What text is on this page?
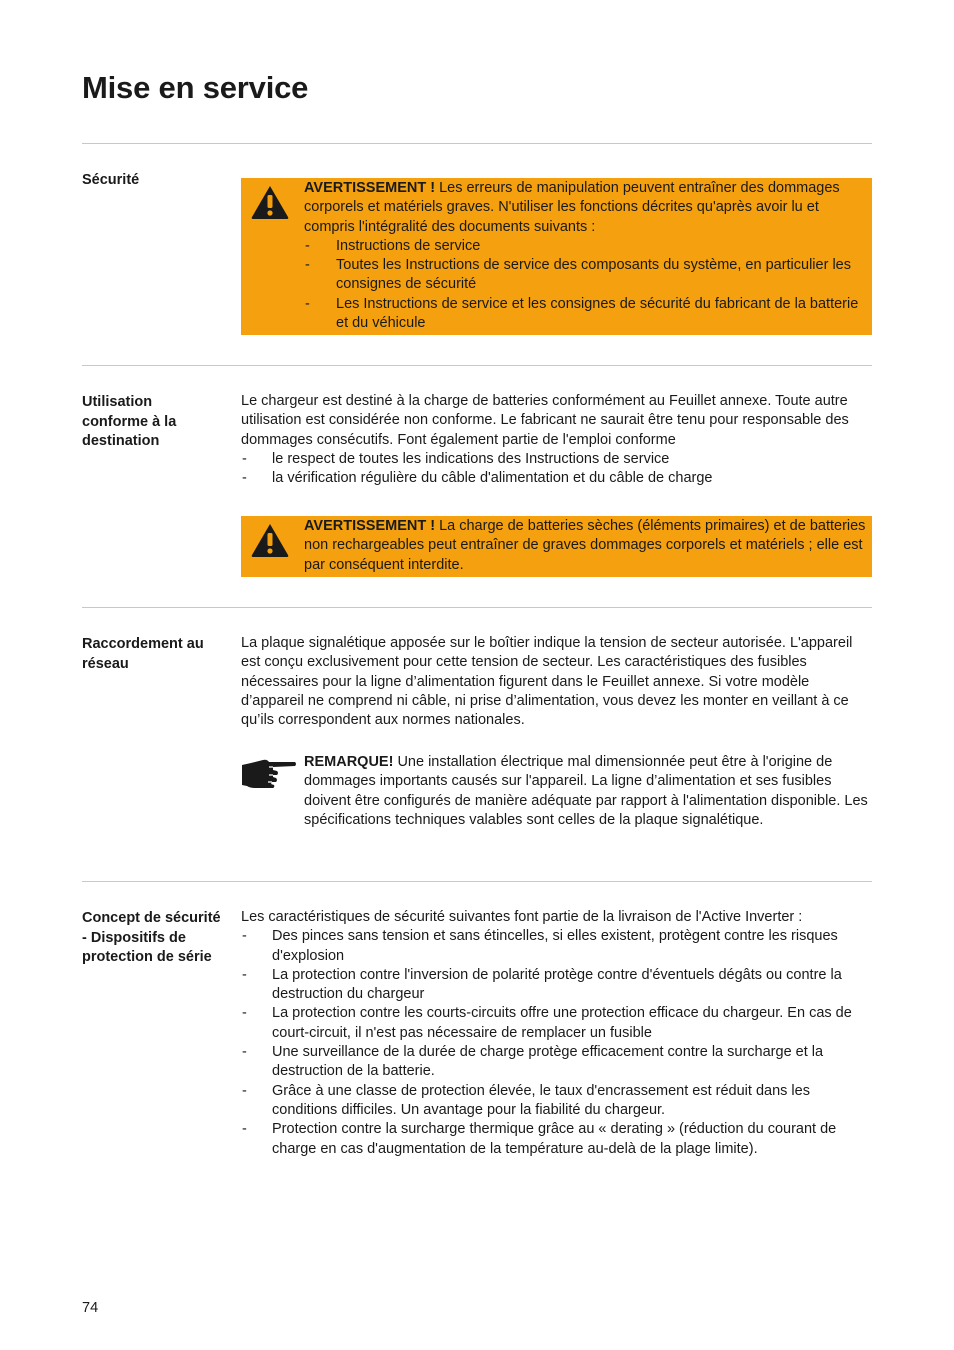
Mise en service
Sécurité	AVERTISSEMENT ! Les erreurs de manipulation peuvent entraîner des dommages corporels et matériels graves. N'utiliser les fonctions décrites qu'après avoir lu et compris l'intégralité des documents suivants :
- Instructions de service
- Toutes les Instructions de service des composants du système, en particulier les consignes de sécurité
- Les Instructions de service et les consignes de sécurité du fabricant de la batterie et du véhicule
Utilisation conforme à la destination

Le chargeur est destiné à la charge de batteries conformément au Feuillet annexe. Toute autre utilisation est considérée non conforme. Le fabricant ne saurait être tenu pour responsable des dommages consécutifs. Font également partie de l'emploi conforme

- le respect de toutes les indications des Instructions de service
- la vérification régulière du câble d'alimentation et du câble de charge
AVERTISSEMENT ! La charge de batteries sèches (éléments primaires) et de batteries non rechargeables peut entraîner de graves dommages corporels et matériels ; elle est par conséquent interdite.
Raccordement au réseau

La plaque signalétique apposée sur le boîtier indique la tension de secteur autorisée. L'appareil est conçu exclusivement pour cette tension de secteur. Les caractéristiques des fusibles nécessaires pour la ligne d’alimentation figurent dans le Feuillet annexe. Si votre modèle d’appareil ne comprend ni câble, ni prise d’alimentation, vous devez les monter en veillant à ce qu’ils correspondent aux normes nationales.

REMARQUE! Une installation électrique mal dimensionnée peut être à l'origine de dommages importants causés sur l'appareil. La ligne d’alimentation et ses fusibles doivent être configurés de manière adéquate par rapport à l'alimentation disponible. Les spécifications techniques valables sont celles de la plaque signalétique.
Concept de sécurité - Dispositifs de protection de série

Les caractéristiques de sécurité suivantes font partie de la livraison de l'Active Inverter :

- Des pinces sans tension et sans étincelles, si elles existent, protègent contre les risques d'explosion
- La protection contre l'inversion de polarité protège contre d'éventuels dégâts ou contre la destruction du chargeur
- La protection contre les courts-circuits offre une protection efficace du chargeur. En cas de court-circuit, il n'est pas nécessaire de remplacer un fusible
- Une surveillance de la durée de charge protège efficacement contre la surcharge et la destruction de la batterie.
- Grâce à une classe de protection élevée, le taux d'encrassement est réduit dans les conditions difficiles. Un avantage pour la fiabilité du chargeur.
- Protection contre la surcharge thermique grâce au « derating » (réduction du courant de charge en cas d'augmentation de la température au-delà de la plage limite).
74
